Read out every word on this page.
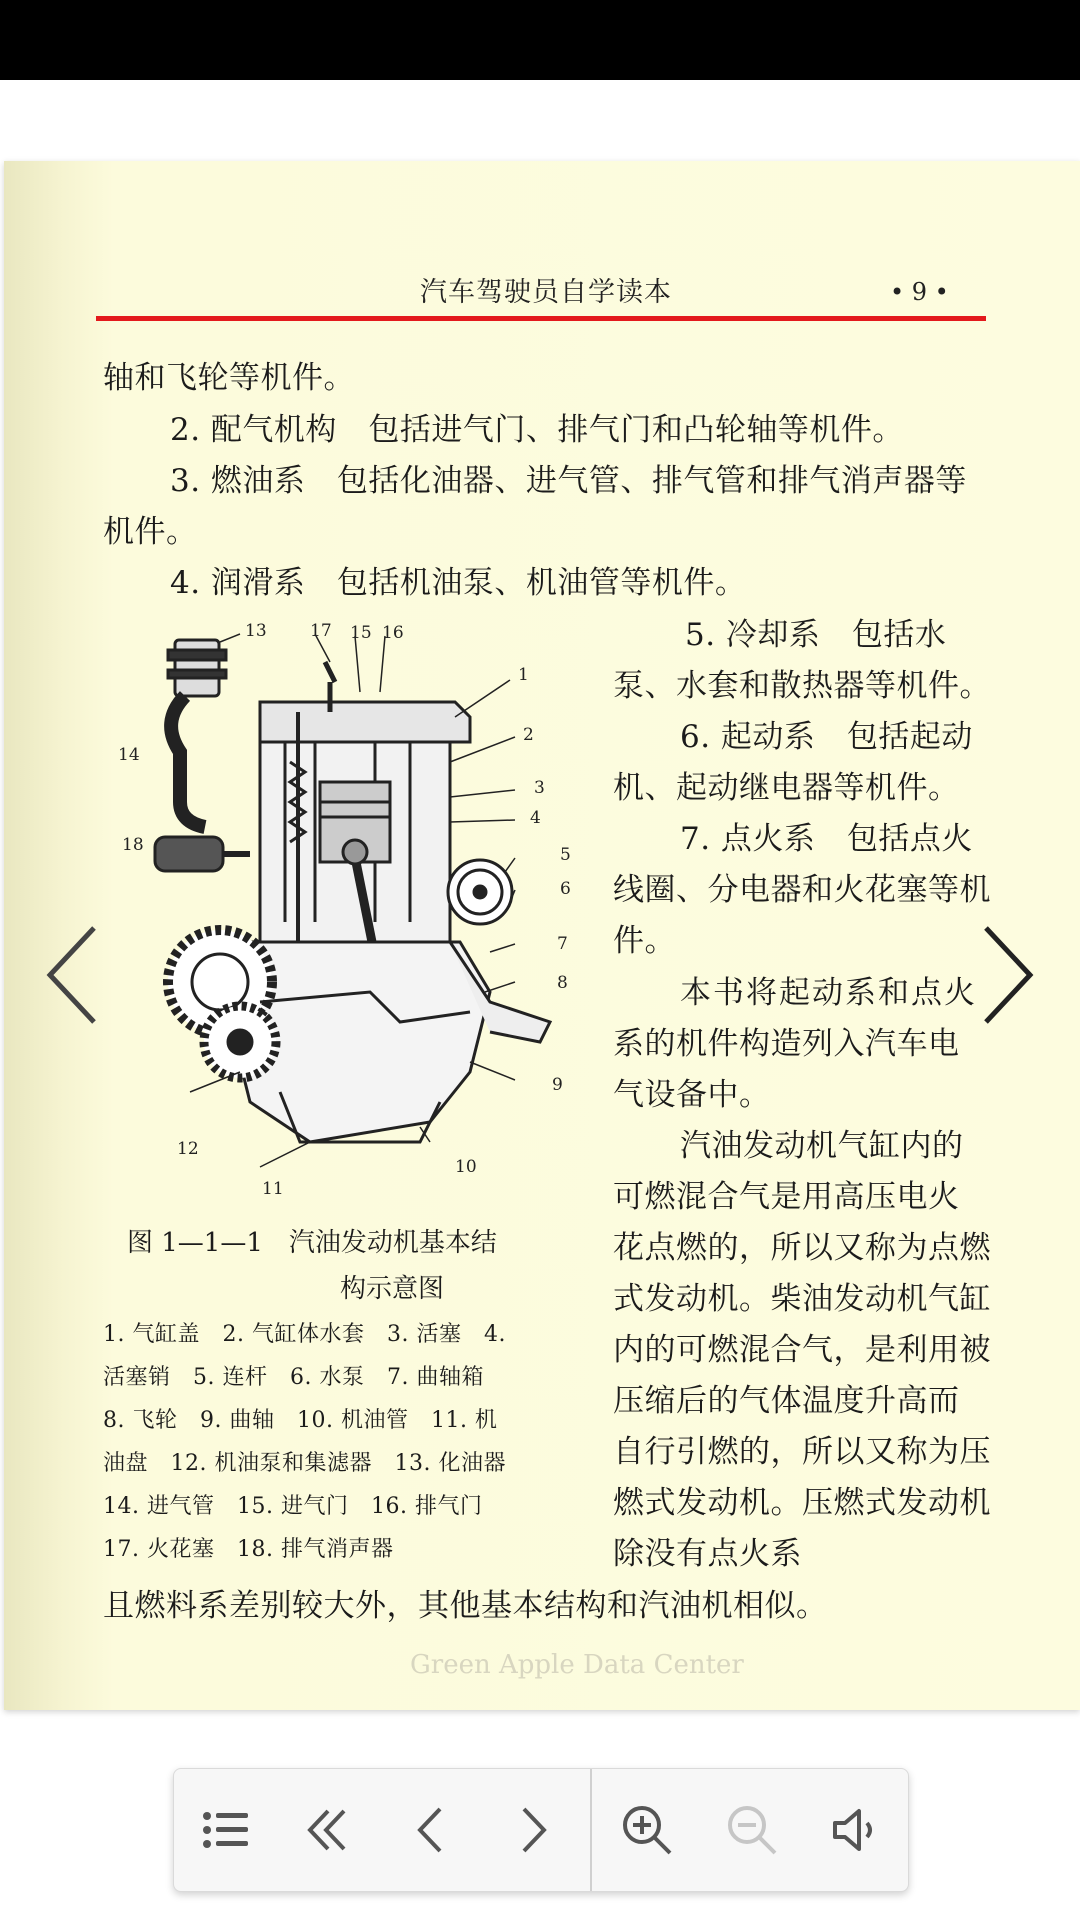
汽车驾驶员自学读本	• 9 •
轴和飞轮等机件。
2. 配气机构　包括进气门、排气门和凸轮轴等机件。
3. 燃油系　包括化油器、进气管、排气管和排气消声器等
机件。
4. 润滑系　包括机油泵、机油管等机件。
5. 冷却系　包括水
泵、水套和散热器等机件。
6. 起动系　包括起动
机、起动继电器等机件。
7. 点火系　包括点火
线圈、分电器和火花塞等机
件。
本书将起动系和点火
系的机件构造列入汽车电
气设备中。
汽油发动机气缸内的
可燃混合气是用高压电火
花点燃的，所以又称为点燃
式发动机。柴油发动机气缸
内的可燃混合气，是利用被
压缩后的气体温度升高而
自行引燃的，所以又称为压
燃式发动机。压燃式发动机
除没有点火系
且燃料系差别较大外，其他基本结构和汽油机相似。
13	17 15 16
1
2
3
4
5
6
7
8
9
10
11
12
14
18
图 1—1—1　汽油发动机基本结
构示意图
1. 气缸盖　2. 气缸体水套　3. 活塞　4.
活塞销　5. 连杆　6. 水泵　7. 曲轴箱
8. 飞轮　9. 曲轴　10. 机油管　11. 机
油盘　12. 机油泵和集滤器　13. 化油器
14. 进气管　15. 进气门　16. 排气门
17. 火花塞　18. 排气消声器
Green Apple Data Center
